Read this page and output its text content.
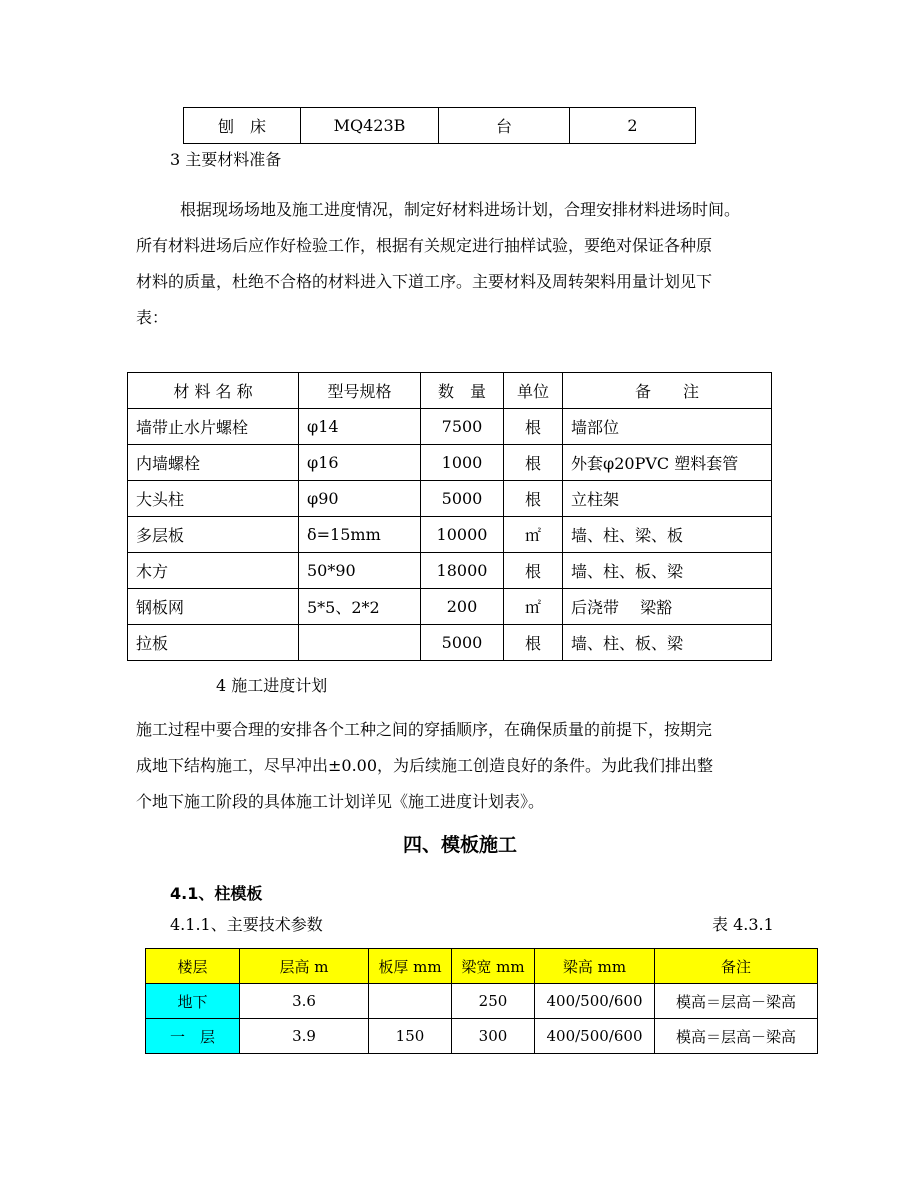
刨　床	MQ423B	台	2

3 主要材料准备

根据现场场地及施工进度情况，制定好材料进场计划，合理安排材料进场时间。

所有材料进场后应作好检验工作，根据有关规定进行抽样试验，要绝对保证各种原

材料的质量，杜绝不合格的材料进入下道工序。主要材料及周转架料用量计划见下

表：

材 料 名 称	型号规格	数　量	单位	备　　注
墙带止水片螺栓	φ14	7500	根	墙部位
内墙螺栓	φ16	1000	根	外套φ20PVC 塑料套管
大头柱	φ90	5000	根	立柱架
多层板	δ=15mm	10000	㎡	墙、柱、梁、板
木方	50*90	18000	根	墙、柱、板、梁
钢板网	5*5、2*2	200	㎡	后浇带　 梁豁
拉板		5000	根	墙、柱、板、梁

4 施工进度计划

施工过程中要合理的安排各个工种之间的穿插顺序，在确保质量的前提下，按期完

成地下结构施工，尽早冲出±0.00，为后续施工创造良好的条件。为此我们排出整

个地下施工阶段的具体施工计划详见《施工进度计划表》。

四、模板施工

4.1、柱模板

4.1.1、主要技术参数	表 4.3.1

楼层	层高 m	板厚 mm	梁宽 mm	梁高 mm	备注
地下	3.6		250	400/500/600	模高＝层高－梁高
一　层	3.9	150	300	400/500/600	模高＝层高－梁高
